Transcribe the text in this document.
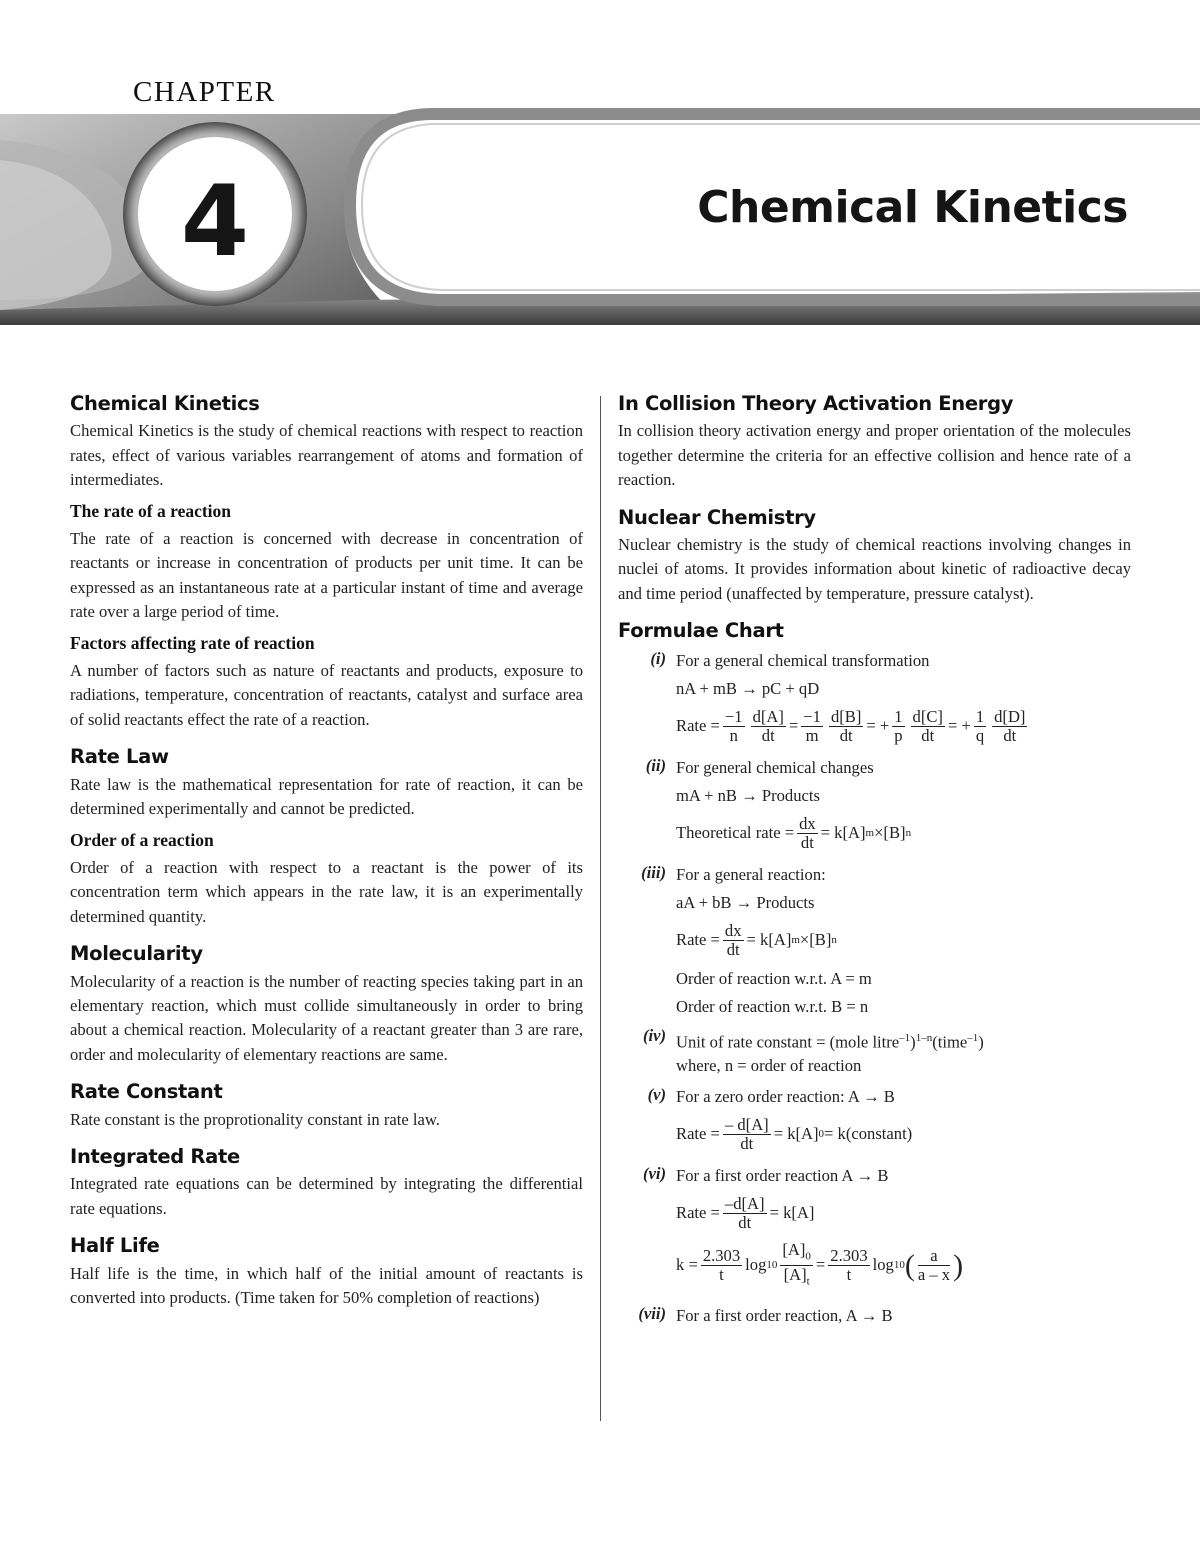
CHAPTER
4	Chemical Kinetics
Chemical Kinetics

Chemical Kinetics is the study of chemical reactions with respect to reaction rates, effect of various variables rearrangement of atoms and formation of intermediates.

The rate of a reaction

The rate of a reaction is concerned with decrease in concentration of reactants or increase in concentration of products per unit time. It can be expressed as an instantaneous rate at a particular instant of time and average rate over a large period of time.

Factors affecting rate of reaction

A number of factors such as nature of reactants and products, exposure to radiations, temperature, concentration of reactants, catalyst and surface area of solid reactants effect the rate of a reaction.

Rate Law

Rate law is the mathematical representation for rate of reaction, it can be determined experimentally and cannot be predicted.

Order of a reaction

Order of a reaction with respect to a reactant is the power of its concentration term which appears in the rate law, it is an experimentally determined quantity.

Molecularity

Molecularity of a reaction is the number of reacting species taking part in an elementary reaction, which must collide simultaneously in order to bring about a chemical reaction. Molecularity of a reactant greater than 3 are rare, order and molecularity of elementary reactions are same.

Rate Constant

Rate constant is the proprotionality constant in rate law.

Integrated Rate

Integrated rate equations can be determined by integrating the differential rate equations.

Half Life

Half life is the time, in which half of the initial amount of reactants is converted into products. (Time taken for 50% completion of reactions)

In Collision Theory Activation Energy

In collision theory activation energy and proper orientation of the molecules together determine the criteria for an effective collision and hence rate of a reaction.

Nuclear Chemistry

Nuclear chemistry is the study of chemical reactions involving changes in nuclei of atoms. It provides information about kinetic of radioactive decay and time period (unaffected by temperature, pressure catalyst).

Formulae Chart
(i) For a general chemical transformation
nA + mB → pC + qD
Rate = $\frac{-1}{n} \frac{d[A]}{dt} = \frac{-1}{m} \frac{d[B]}{dt}$ = + $\frac{1}{p} \frac{d[C]}{dt}$ = + $\frac{1}{q} \frac{d[D]}{dt}$
(ii) For general chemical changes
mA + nB → Products
Theoretical rate = $\frac{dx}{dt} = k[A]$ m ×[B] n
(iii) For a general reaction:
aA + bB → Products
Rate = $\frac{dx}{dt} = k[A]$ m ×[B] n
Order of reaction w.r.t. A = m
Order of reaction w.r.t. B = n
(iv) Unit of rate constant = (mole litre$^{-1}$)$^{1-n}$(time$^{-1}$)
where, n = order of reaction
(v) For a zero order reaction: A → B
Rate = $\frac{- d[A]}{dt} = k[A] 0$ = k(constant)
(vi) For a first order reaction A → B
Rate = $\frac{-d[A]}{dt} = k[A]$
$k = \frac{2.303}{t}$ $\log 10 \frac{[A]_0}{[A]_t} = \frac{2.303}{t}$ log 10 ( $\frac{a}{a - x}$ )
(vii) For a first order reaction, A → B
